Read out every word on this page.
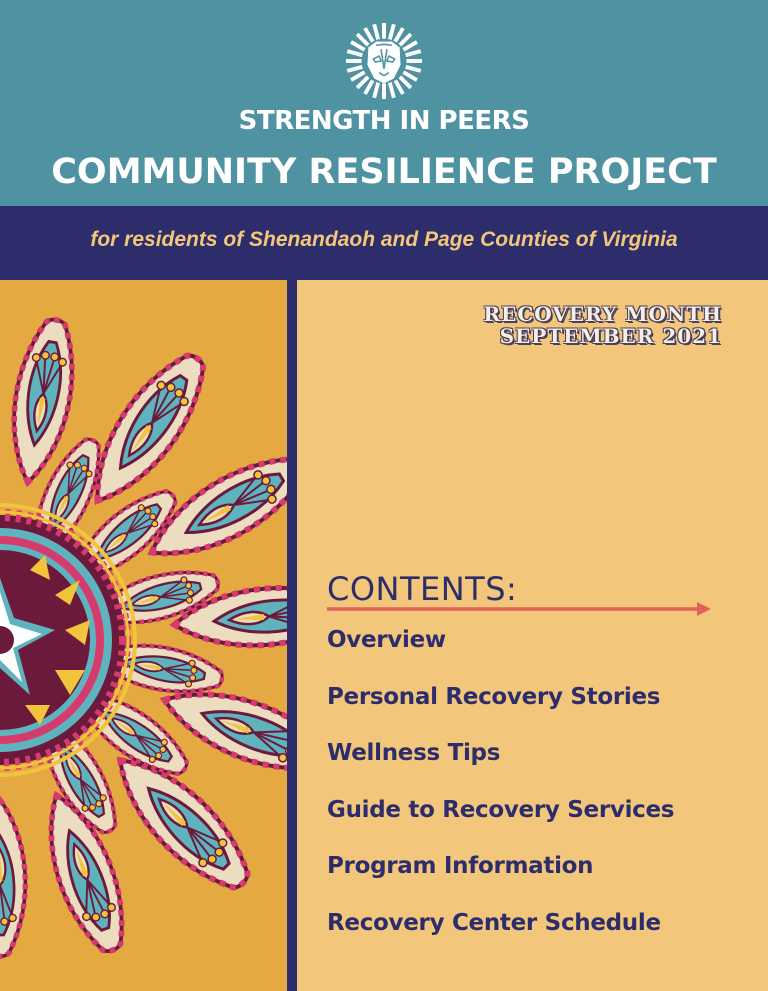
STRENGTH IN PEERS
COMMUNITY RESILIENCE PROJECT
for residents of Shenandaoh and Page Counties of Virginia
RECOVERY MONTH
SEPTEMBER 2021
CONTENTS:
Overview
Personal Recovery Stories
Wellness Tips
Guide to Recovery Services
Program Information
Recovery Center Schedule
